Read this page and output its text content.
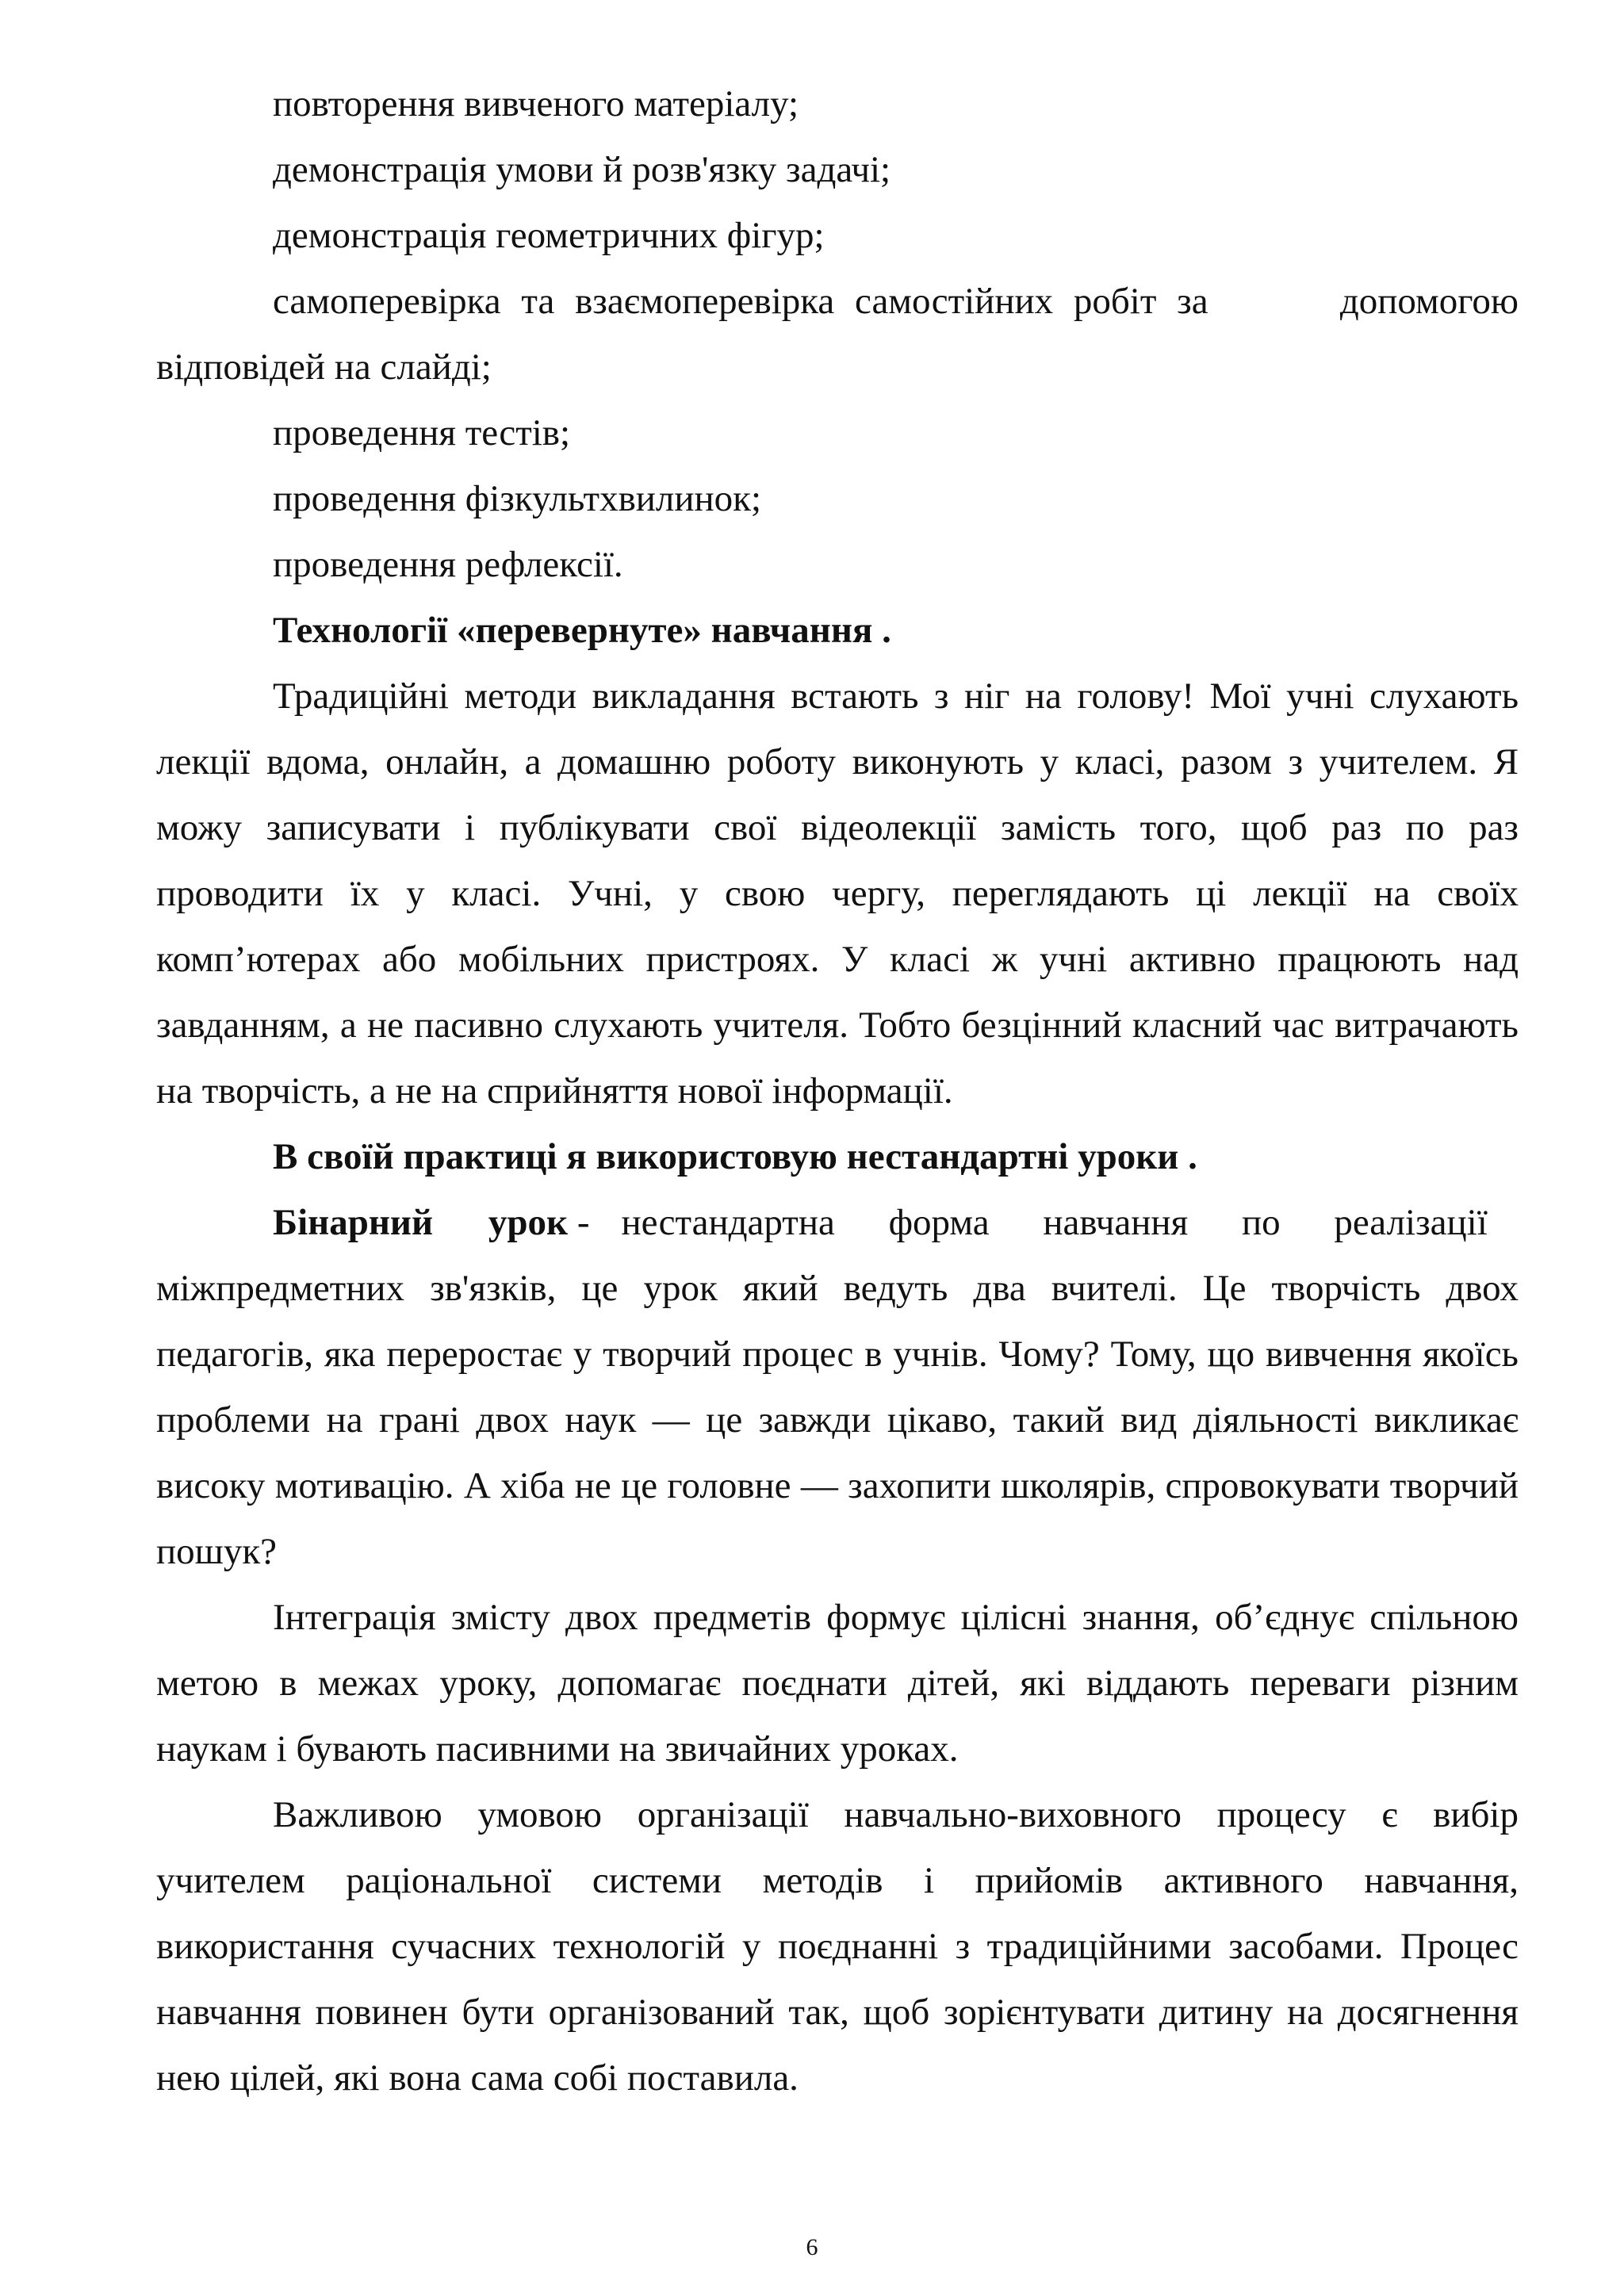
повторення вивченого матеріалу;
демонстрація умови й розв'язку задачі;
демонстрація геометричних фігур;
самоперевірка та взаємоперевірка самостійних робіт за	допомогою
відповідей на слайді;
проведення тестів;
проведення фізкультхвилинок;
проведення рефлексії.
Технології «перевернуте» навчання .

Традиційні методи викладання встають з ніг на голову! Мої учні слухають лекції вдома, онлайн, а домашню роботу виконують у класі, разом з учителем. Я можу записувати і публікувати свої відеолекції замість того, щоб раз по раз проводити їх у класі. Учні, у свою чергу, переглядають ці лекції на своїх комп’ютерах або мобільних пристроях. У класі ж учні активно працюють над завданням, а не пасивно слухають учителя. Тобто безцінний класний час витрачають на творчість, а не на сприйняття нової інформації.

В своїй практиці я використовую нестандартні уроки .
Бінарний урок - нестандартна форма навчання по реалізації

міжпредметних зв'язків, це урок який ведуть два вчителі. Це творчість двох педагогів, яка переростає у творчий процес в учнів. Чому? Тому, що вивчення якоїсь проблеми на грані двох наук — це завжди цікаво, такий вид діяльності викликає високу мотивацію. А хіба не це головне — захопити школярів, спровокувати творчий пошук?

Інтеграція змісту двох предметів формує цілісні знання, об’єднує спільною метою в межах уроку, допомагає поєднати дітей, які віддають переваги різним наукам і бувають пасивними на звичайних уроках.

Важливою умовою організації навчально-виховного процесу є вибір учителем раціональної системи методів і прийомів активного навчання, використання сучасних технологій у поєднанні з традиційними засобами. Процес навчання повинен бути організований так, щоб зорієнтувати дитину на досягнення нею цілей, які вона сама собі поставила.

6
